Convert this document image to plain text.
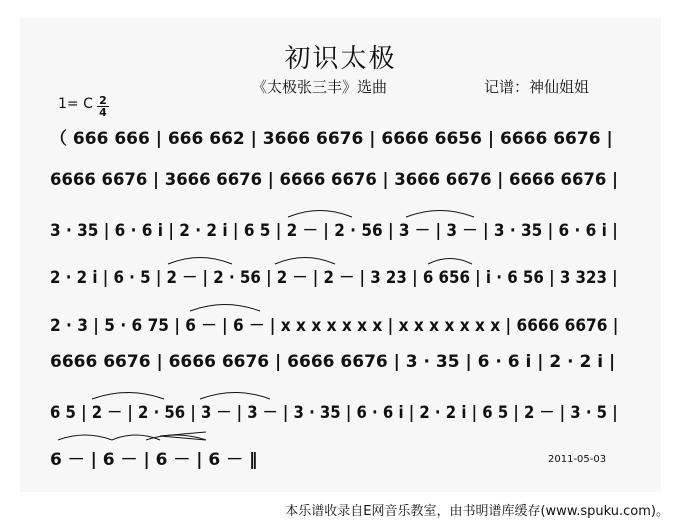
初识太极
《太极张三丰》选曲	记谱：神仙姐姐
1= C 2
4
（ 666 666 | 666 662 | 3666 6676 | 6666 6656 | 6666 6676 |
6666 6676 | 3666 6676 | 6666 6676 | 3666 6676 | 6666 6676 |
3 · 35 | 6 · 6 i | 2 · 2 i | 6 5 | 2 － | 2 · 56 | 3 － | 3 － | 3 · 35 | 6 · 6 i |
2 · 2 i | 6 · 5 | 2 － | 2 · 56 | 2 － | 2 － | 3 23 | 6 656 | i · 6 56 | 3 323 |
2 · 3 | 5 · 6 75 | 6 － | 6 － | x x x x x x x | x x x x x x x | 6666 6676 |
6666 6676 | 6666 6676 | 6666 6676 | 3 · 35 | 6 · 6 i | 2 · 2 i |
6 5 | 2 － | 2 · 56 | 3 － | 3 － | 3 · 35 | 6 · 6 i | 2 · 2 i | 6 5 | 2 － | 3 · 5 |
6 － | 6 － | 6 － | 6 － ‖	2011-05-03
本乐谱收录自E网音乐教室，由书明谱库缓存(www.spuku.com)。
